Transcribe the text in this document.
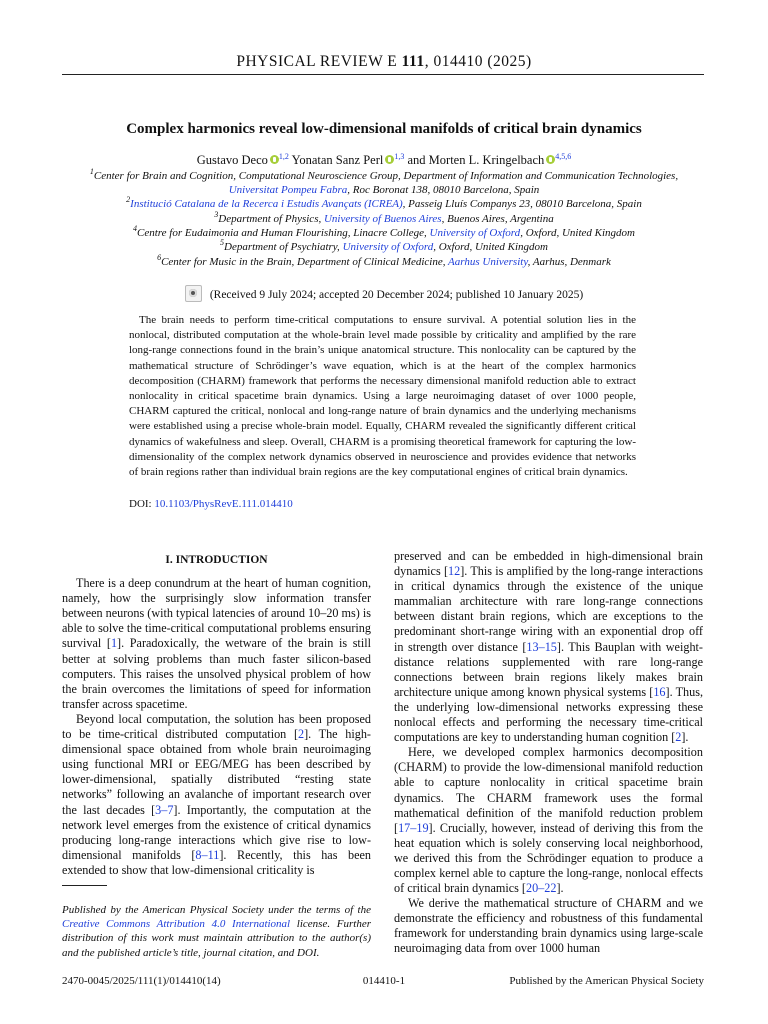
PHYSICAL REVIEW E 111, 014410 (2025)
Complex harmonics reveal low-dimensional manifolds of critical brain dynamics
Gustavo Deco $^{1,2}$ Yonatan Sanz Perl $^{1,3}$ and Morten L. Kringelbach $^{4,5,6}$
$^1$Center for Brain and Cognition, Computational Neuroscience Group, Department of Information and Communication Technologies,
Universitat Pompeu Fabra, Roc Boronat 138, 08010 Barcelona, Spain
$^2$Institució Catalana de la Recerca i Estudis Avançats (ICREA), Passeig Lluís Companys 23, 08010 Barcelona, Spain
$^3$Department of Physics, University of Buenos Aires, Buenos Aires, Argentina
$^4$Centre for Eudaimonia and Human Flourishing, Linacre College, University of Oxford, Oxford, United Kingdom
$^5$Department of Psychiatry, University of Oxford, Oxford, United Kingdom
$^6$Center for Music in the Brain, Department of Clinical Medicine, Aarhus University, Aarhus, Denmark
(Received 9 July 2024; accepted 20 December 2024; published 10 January 2025)
The brain needs to perform time-critical computations to ensure survival. A potential solution lies in the nonlocal, distributed computation at the whole-brain level made possible by criticality and amplified by the rare long-range connections found in the brain’s unique anatomical structure. This nonlocality can be captured by the mathematical structure of Schrödinger’s wave equation, which is at the heart of the complex harmonics decomposition (CHARM) framework that performs the necessary dimensional manifold reduction able to extract nonlocality in critical spacetime brain dynamics. Using a large neuroimaging dataset of over 1000 people, CHARM captured the critical, nonlocal and long-range nature of brain dynamics and the underlying mechanisms were established using a precise whole-brain model. Equally, CHARM revealed the significantly different critical dynamics of wakefulness and sleep. Overall, CHARM is a promising theoretical framework for capturing the low-dimensionality of the complex network dynamics observed in neuroscience and provides evidence that networks of brain regions rather than individual brain regions are the key computational engines of critical brain dynamics.
DOI: 10.1103/PhysRevE.111.014410
I. INTRODUCTION

There is a deep conundrum at the heart of human cognition, namely, how the surprisingly slow information transfer between neurons (with typical latencies of around 10–20 ms) is able to solve the time-critical computational problems ensuring survival [1]. Paradoxically, the wetware of the brain is still better at solving problems than much faster silicon-based computers. This raises the unsolved physical problem of how the brain overcomes the limitations of speed for information transfer across spacetime.

Beyond local computation, the solution has been proposed to be time-critical distributed computation [2]. The high-dimensional space obtained from whole brain neuroimaging using functional MRI or EEG/MEG has been described by lower-dimensional, spatially distributed “resting state networks” following an avalanche of important research over the last decades [3–7]. Importantly, the computation at the network level emerges from the existence of critical dynamics producing long-range interactions which give rise to low-dimensional manifolds [8–11]. Recently, this has been extended to show that low-dimensional criticality is

Published by the American Physical Society under the terms of the Creative Commons Attribution 4.0 International license. Further distribution of this work must maintain attribution to the author(s) and the published article’s title, journal citation, and DOI.

preserved and can be embedded in high-dimensional brain dynamics [12]. This is amplified by the long-range interactions in critical dynamics through the existence of the unique mammalian architecture with rare long-range connections between distant brain regions, which are exceptions to the predominant short-range wiring with an exponential drop off in strength over distance [13–15]. This Bauplan with weight-distance relations supplemented with rare long-range connections between brain regions likely makes brain architecture unique among known physical systems [16]. Thus, the underlying low-dimensional networks expressing these nonlocal effects and performing the necessary time-critical computations are key to understanding human cognition [2].

Here, we developed complex harmonics decomposition (CHARM) to provide the low-dimensional manifold reduction able to capture nonlocality in critical spacetime brain dynamics. The CHARM framework uses the formal mathematical definition of the manifold reduction problem [17–19]. Crucially, however, instead of deriving this from the heat equation which is solely conserving local neighborhood, we derived this from the Schrödinger equation to produce a complex kernel able to capture the long-range, nonlocal effects of critical brain dynamics [20–22].

We derive the mathematical structure of CHARM and we demonstrate the efficiency and robustness of this fundamental framework for understanding brain dynamics using large-scale neuroimaging data from over 1000 human

2470-0045/2025/111(1)/014410(14)	014410-1	Published by the American Physical Society
